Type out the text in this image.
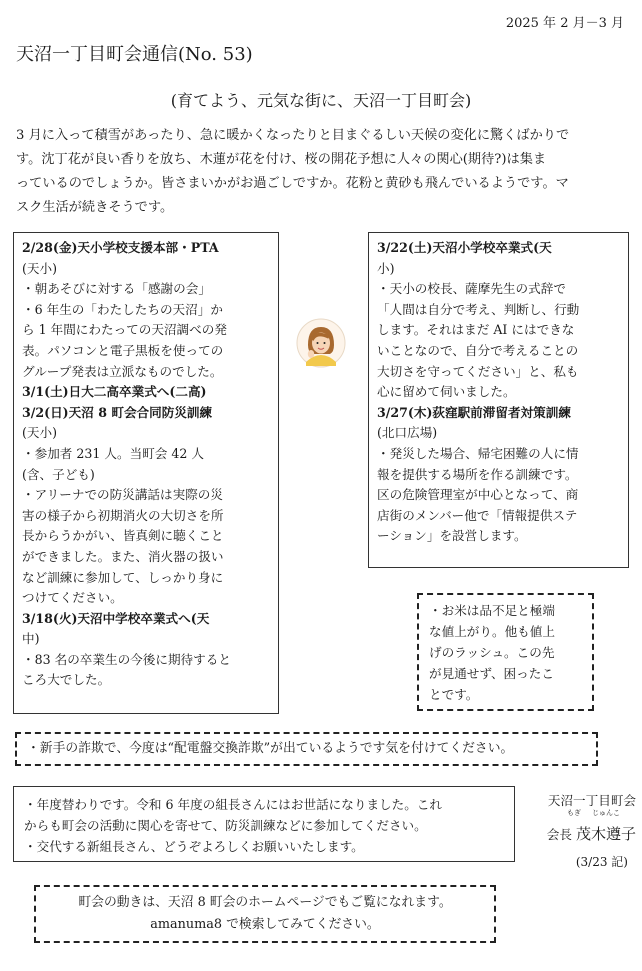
2025 年 2 月－3 月
天沼一丁目町会通信(No. 53)
(育てよう、元気な街に、天沼一丁目町会)
3 月に入って積雪があったり、急に暖かくなったりと目まぐるしい天候の変化に驚くばかりで
す。沈丁花が良い香りを放ち、木蓮が花を付け、桜の開花予想に人々の関心(期待?)は集ま
っているのでしょうか。皆さまいかがお過ごしですか。花粉と黄砂も飛んでいるようです。マ
スク生活が続きそうです。
2/28(金)天小学校支援本部・PTA
(天小)
・朝あそびに対する「感謝の会」
・6 年生の「わたしたちの天沼」か
ら 1 年間にわたっての天沼調べの発
表。パソコンと電子黒板を使っての
グループ発表は立派なものでした。
3/1(土)日大二高卒業式へ(二高)
3/2(日)天沼 8 町会合同防災訓練
(天小)
・参加者 231 人。当町会 42 人
(含、子ども)
・アリーナでの防災講話は実際の災
害の様子から初期消火の大切さを所
長からうかがい、皆真剣に聴くこと
ができました。また、消火器の扱い
など訓練に参加して、しっかり身に
つけてください。
3/18(火)天沼中学校卒業式へ(天
中)
・83 名の卒業生の今後に期待すると
ころ大でした。
3/22(土)天沼小学校卒業式(天
小)
・天小の校長、薩摩先生の式辞で
「人間は自分で考え、判断し、行動
します。それはまだ AI にはできな
いことなので、自分で考えることの
大切さを守ってください」と、私も
心に留めて伺いました。
3/27(木)荻窪駅前滞留者対策訓練
(北口広場)
・発災した場合、帰宅困難の人に情
報を提供する場所を作る訓練です。
区の危険管理室が中心となって、商
店街のメンバー他で「情報提供ステ
ーション」を設営します。
・お米は品不足と極端
な値上がり。他も値上
げのラッシュ。この先
が見通せず、困ったこ
とです。
・新手の詐欺で、今度は“配電盤交換詐欺”が出ているようです気を付けてください。
・年度替わりです。令和 6 年度の組長さんにはお世話になりました。これ
からも町会の活動に関心を寄せて、防災訓練などに参加してください。
・交代する新組長さん、どうぞよろしくお願いいたします。
もぎ じゅんこ
天沼一丁目町会
会長 茂木遵子
(3/23 記)
町会の動きは、天沼 8 町会のホームページでもご覧になれます。
amanuma8 で検索してみてください。
